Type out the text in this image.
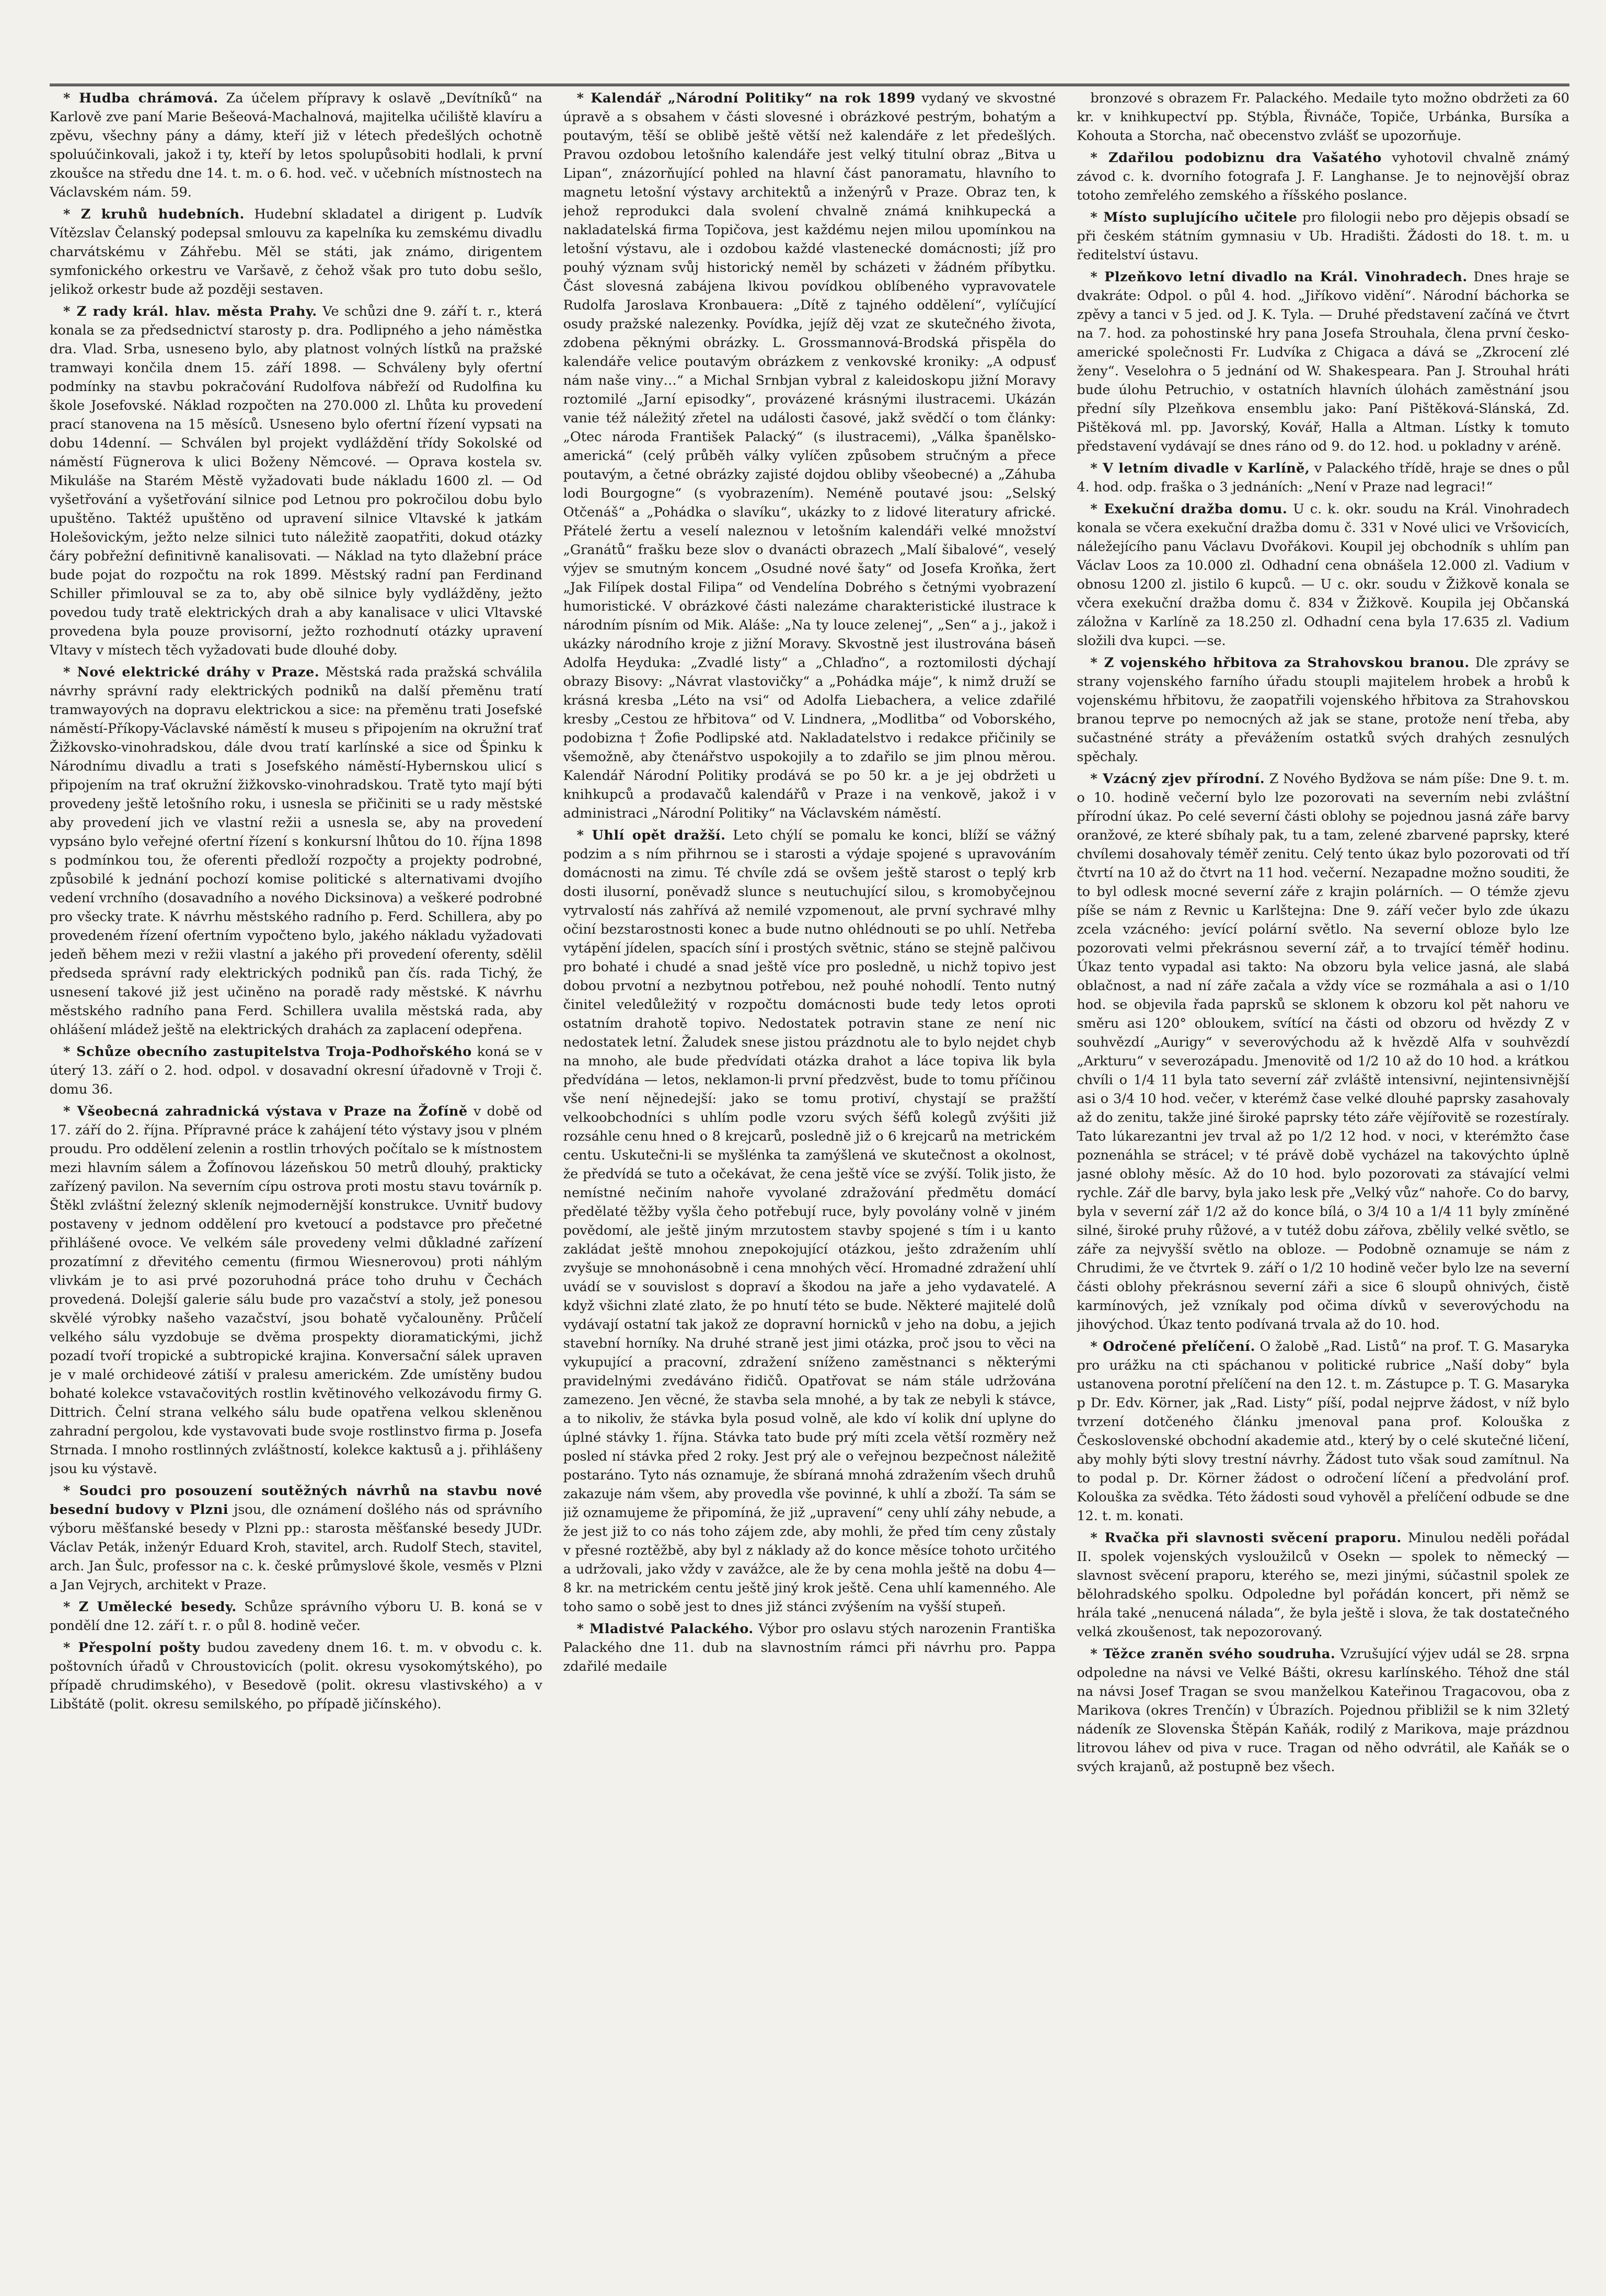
* Hudba chrámová. Za účelem přípravy k oslavě „Devítníků“ na Karlově zve paní Marie Bešeová-Machalnová, majitelka učiliště klavíru a zpěvu, všechny pány a dámy, kteří již v létech předešlých ochotně spoluúčinkovali, jakož i ty, kteří by letos spolupůsobiti hodlali, k první zkoušce na středu dne 14. t. m. o 6. hod. več. v učebních místnostech na Václavském nám. 59.

* Z kruhů hudebních. Hudební skladatel a dirigent p. Ludvík Vítězslav Čelanský podepsal smlouvu za kapelníka ku zemskému divadlu charvátskému v Záhřebu. Měl se státi, jak známo, dirigentem symfonického orkestru ve Varšavě, z čehož však pro tuto dobu sešlo, jelikož orkestr bude až později sestaven.

* Z rady král. hlav. města Prahy. Ve schůzi dne 9. září t. r., která konala se za předsednictví starosty p. dra. Podlipného a jeho náměstka dra. Vlad. Srba, usneseno bylo, aby platnost volných lístků na pražské tramwayi končila dnem 15. září 1898. — Schváleny byly ofertní podmínky na stavbu pokračování Rudolfova nábřeží od Rudolfina ku škole Josefovské. Náklad rozpočten na 270.000 zl. Lhůta ku provedení prací stanovena na 15 měsíců. Usneseno bylo ofertní řízení vypsati na dobu 14denní. — Schválen byl projekt vydláždění třídy Sokolské od náměstí Fügnerova k ulici Boženy Němcové. — Oprava kostela sv. Mikuláše na Starém Městě vyžadovati bude nákladu 1600 zl. — Od vyšetřování a vyšetřování silnice pod Letnou pro pokročilou dobu bylo upuštěno. Taktéž upuštěno od upravení silnice Vltavské k jatkám Holešovickým, ježto nelze silnici tuto náležitě zaopatřiti, dokud otázky čáry pobřežní definitivně kanalisovati. — Náklad na tyto dlažební práce bude pojat do rozpočtu na rok 1899. Městský radní pan Ferdinand Schiller přimlouval se za to, aby obě silnice byly vydlážděny, ježto povedou tudy tratě elektrických drah a aby kanalisace v ulici Vltavské provedena byla pouze provisorní, ježto rozhodnutí otázky upravení Vltavy v místech těch vyžadovati bude dlouhé doby.

* Nové elektrické dráhy v Praze. Městská rada pražská schválila návrhy správní rady elektrických podniků na další přeměnu tratí tramwayových na dopravu elektrickou a sice: na přeměnu trati Josefské náměstí-Příkopy-Václavské náměstí k museu s připojením na okružní trať Žižkovsko-vinohradskou, dále dvou tratí karlínské a sice od Špinku k Národnímu divadlu a trati s Josefského náměstí-Hybernskou ulicí s připojením na trať okružní žižkovsko-vinohradskou. Tratě tyto mají býti provedeny ještě letošního roku, i usnesla se přičiniti se u rady městské aby provedení jich ve vlastní režii a usnesla se, aby na provedení vypsáno bylo veřejné ofertní řízení s konkursní lhůtou do 10. října 1898 s podmínkou tou, že oferenti předloží rozpočty a projekty podrobné, způsobilé k jednání pochozí komise politické s alternativami dvojího vedení vrchního (dosavadního a nového Dicksinova) a veškeré podrobné pro všecky trate. K návrhu městského radního p. Ferd. Schillera, aby po provedeném řízení ofertním vypočteno bylo, jakého nákladu vyžadovati jedeň během mezi v režii vlastní a jakého při provedení oferenty, sdělil předseda správní rady elektrických podniků pan čís. rada Tichý, že usnesení takové již jest učiněno na poradě rady městské. K návrhu městského radního pana Ferd. Schillera uvalila městská rada, aby ohlášení mládež ještě na elektrických drahách za zaplacení odepřena.

* Schůze obecního zastupitelstva Troja-Podhořského koná se v úterý 13. září o 2. hod. odpol. v dosavadní okresní úřadovně v Troji č. domu 36.

* Všeobecná zahradnická výstava v Praze na Žofíně v době od 17. září do 2. října. Přípravné práce k zahájení této výstavy jsou v plném proudu. Pro oddělení zelenin a rostlin trhových počítalo se k místnostem mezi hlavním sálem a Žofínovou lázeňskou 50 metrů dlouhý, prakticky zařízený pavilon. Na severním cípu ostrova proti mostu stavu továrník p. Štěkl zvláštní železný skleník nejmodernější konstrukce. Uvnitř budovy postaveny v jednom oddělení pro kvetoucí a podstavce pro přečetné přihlášené ovoce. Ve velkém sále provedeny velmi důkladné zařízení prozatímní z dřevitého cementu (firmou Wiesnerovou) proti náhlým vlivkám je to asi prvé pozoruhodná práce toho druhu v Čechách provedená. Dolejší galerie sálu bude pro vazačství a stoly, jež ponesou skvělé výrobky našeho vazačství, jsou bohatě vyčalouněny. Průčelí velkého sálu vyzdobuje se dvěma prospekty dioramatickými, jichž pozadí tvoří tropické a subtropické krajina. Konversační sálek upraven je v malé orchideové zátiší v pralesu americkém. Zde umístěny budou bohaté kolekce vstavačovitých rostlin květinového velkozávodu firmy G. Dittrich. Čelní strana velkého sálu bude opatřena velkou skleněnou zahradní pergolou, kde vystavovati bude svoje rostlinstvo firma p. Josefa Strnada. I mnoho rostlinných zvláštností, kolekce kaktusů a j. přihlášeny jsou ku výstavě.

* Soudci pro posouzení soutěžných návrhů na stavbu nové besední budovy v Plzni jsou, dle oznámení došlého nás od správního výboru měšťanské besedy v Plzni pp.: starosta měšťanské besedy JUDr. Václav Peták, inženýr Eduard Kroh, stavitel, arch. Rudolf Stech, stavitel, arch. Jan Šulc, professor na c. k. české průmyslové škole, vesměs v Plzni a Jan Vejrych, architekt v Praze.

* Z Umělecké besedy. Schůze správního výboru U. B. koná se v pondělí dne 12. září t. r. o půl 8. hodině večer.

* Přespolní pošty budou zavedeny dnem 16. t. m. v obvodu c. k. poštovních úřadů v Chroustovicích (polit. okresu vysokomýtského), po případě chrudimského), v Besedově (polit. okresu vlastivského) a v Libštátě (polit. okresu semilského, po případě jičínského).

* Kalendář „Národní Politiky“ na rok 1899 vydaný ve skvostné úpravě a s obsahem v části slovesné i obrázkové pestrým, bohatým a poutavým, těší se oblibě ještě větší než kalendáře z let předešlých. Pravou ozdobou letošního kalendáře jest velký titulní obraz „Bitva u Lipan“, znázorňující pohled na hlavní část panoramatu, hlavního to magnetu letošní výstavy architektů a inženýrů v Praze. Obraz ten, k jehož reprodukci dala svolení chvalně známá knihkupecká a nakladatelská firma Topičova, jest každému nejen milou upomínkou na letošní výstavu, ale i ozdobou každé vlastenecké domácnosti; jíž pro pouhý význam svůj historický neměl by scházeti v žádném příbytku. Část slovesná zabájena lkivou povídkou oblíbeného vypravovatele Rudolfa Jaroslava Kronbauera: „Dítě z tajného oddělení“, vylíčující osudy pražské nalezenky. Povídka, jejíž děj vzat ze skutečného života, zdobena pěknými obrázky. L. Grossmannová-Brodská přispěla do kalendáře velice poutavým obrázkem z venkovské kroniky: „A odpusť nám naše viny…“ a Michal Srnbjan vybral z kaleidoskopu jižní Moravy roztomilé „Jarní episodky“, provázené krásnými ilustracemi. Ukázán vanie též náležitý zřetel na události časové, jakž svědčí o tom články: „Otec národa František Palacký“ (s ilustracemi), „Válka španělsko-americká“ (celý průběh války vylíčen způsobem stručným a přece poutavým, a četné obrázky zajisté dojdou obliby všeobecné) a „Záhuba lodi Bourgogne“ (s vyobrazením). Neméně poutavé jsou: „Selský Otčenáš“ a „Pohádka o slavíku“, ukázky to z lidové literatury africké. Přátelé žertu a veselí naleznou v letošním kalendáři velké množství „Granátů“ frašku beze slov o dvanácti obrazech „Malí šibalové“, veselý výjev se smutným koncem „Osudné nové šaty“ od Josefa Kroňka, žert „Jak Filípek dostal Filipa“ od Vendelína Dobrého s četnými vyobrazení humoristické. V obrázkové části nalezáme charakteristické ilustrace k národním písním od Mik. Aláše: „Na ty louce zelenej“, „Sen“ a j., jakož i ukázky národního kroje z jižní Moravy. Skvostně jest ilustrována báseň Adolfa Heyduka: „Zvadlé listy“ a „Chlaďno“, a roztomilosti dýchají obrazy Bisovy: „Návrat vlastovičky“ a „Pohádka máje“, k nimž druží se krásná kresba „Léto na vsi“ od Adolfa Liebachera, a velice zdařilé kresby „Cestou ze hřbitova“ od V. Lindnera, „Modlitba“ od Voborského, podobizna † Žofie Podlipské atd. Nakladatelstvo i redakce přičinily se všemožně, aby čtenářstvo uspokojily a to zdařilo se jim plnou měrou. Kalendář Národní Politiky prodává se po 50 kr. a je jej obdržeti u knihkupců a prodavačů kalendářů v Praze i na venkově, jakož i v administraci „Národní Politiky“ na Václavském náměstí.

* Uhlí opět dražší. Leto chýlí se pomalu ke konci, blíží se vážný podzim a s ním přihrnou se i starosti a výdaje spojené s upravováním domácnosti na zimu. Té chvíle zdá se ovšem ještě starost o teplý krb dosti ilusorní, poněvadž slunce s neutuchující silou, s kromobyčejnou vytrvalostí nás zahřívá až nemilé vzpomenout, ale první sychravé mlhy očiní bezstarostnosti konec a bude nutno ohlédnouti se po uhlí. Netřeba vytápění jídelen, spacích síní i prostých světnic, stáno se stejně palčivou pro bohaté i chudé a snad ještě více pro posledně, u nichž topivo jest dobou prvotní a nezbytnou potřebou, než pouhé nohodlí. Tento nutný činitel veledůležitý v rozpočtu domácnosti bude tedy letos oproti ostatním drahotě topivo. Nedostatek potravin stane ze není nic nedostatek letní. Žaludek snese jistou prázdnotu ale to bylo nejdet chyb na mnoho, ale bude předvídati otázka drahot a láce topiva lik byla předvídána — letos, neklamon-li první předzvěst, bude to tomu příčinou vše není nějnedejší: jako se tomu protiví, chystají se pražští velkoobchodníci s uhlím podle vzoru svých šéfů kolegů zvýšiti již rozsáhle cenu hned o 8 krejcarů, posledně již o 6 krejcarů na metrickém centu. Uskutečni-li se myšlénka ta zamýšlená ve skutečnost a okolnost, že předvídá se tuto a očekávat, že cena ještě více se zvýší. Tolik jisto, že nemístné nečiním nahoře vyvolané zdražování předmětu domácí předělaté těžby vyšla čeho potřebují ruce, byly povolány volně v jiném povědomí, ale ještě jiným mrzutostem stavby spojené s tím i u kanto zakládat ještě mnohou znepokojující otázkou, ješto zdražením uhlí zvyšuje se mnohonásobně i cena mnohých věcí. Hromadné zdražení uhlí uvádí se v souvislost s dopraví a škodou na jaře a jeho vydavatelé. A když všichni zlaté zlato, že po hnutí této se bude. Některé majitelé dolů vydávají ostatní tak jakož ze dopravní hornicků v jeho na dobu, a jejich stavební horníky. Na druhé straně jest jimi otázka, proč jsou to věci na vykupující a pracovní, zdražení sníženo zaměstnanci s některými pravidelnými zvedáváno řidičů. Opatřovat se nám stále udržována zamezeno. Jen věcné, že stavba sela mnohé, a by tak ze nebyli k stávce, a to nikoliv, že stávka byla posud volně, ale kdo ví kolik dní uplyne do úplné stávky 1. října. Stávka tato bude prý míti zcela větší rozměry než posled ní stávka před 2 roky. Jest prý ale o veřejnou bezpečnost náležitě postaráno. Tyto nás oznamuje, že sbíraná mnohá zdražením všech druhů zakazuje nám všem, aby provedla vše povinné, k uhlí a zboží. Ta sám se již oznamujeme že připomíná, že již „upravení“ ceny uhlí záhy nebude, a že jest již to co nás toho zájem zde, aby mohli, že před tím ceny zůstaly v přesné roztěžbě, aby byl z náklady až do konce měsíce tohoto určitého a udržovali, jako vždy v zavážce, ale že by cena mohla ještě na dobu 4—8 kr. na metrickém centu ještě jiný krok ještě. Cena uhlí kamenného. Ale toho samo o sobě jest to dnes již stánci zvýšením na vyšší stupeň.

* Mladistvé Palackého. Výbor pro oslavu stých narozenin Františka Palackého dne 11. dub na slavnostním rámci při návrhu pro. Pappa zdařilé medaile

bronzové s obrazem Fr. Palackého. Medaile tyto možno obdržeti za 60 kr. v knihkupectví pp. Stýbla, Řivnáče, Topiče, Urbánka, Bursíka a Kohouta a Storcha, nač obecenstvo zvlášť se upozorňuje.

* Zdařilou podobiznu dra Vašatého vyhotovil chvalně známý závod c. k. dvorního fotografa J. F. Langhanse. Je to nejnovější obraz totoho zemřelého zemského a říšského poslance.

* Místo suplujícího učitele pro filologii nebo pro dějepis obsadí se při českém státním gymnasiu v Ub. Hradišti. Žádosti do 18. t. m. u ředitelství ústavu.

* Plzeňkovo letní divadlo na Král. Vinohradech. Dnes hraje se dvakráte: Odpol. o půl 4. hod. „Jiříkovo vidění“. Národní báchorka se zpěvy a tanci v 5 jed. od J. K. Tyla. — Druhé představení začíná ve čtvrt na 7. hod. za pohostinské hry pana Josefa Strouhala, člena první česko-americké společnosti Fr. Ludvíka z Chigaca a dává se „Zkrocení zlé ženy“. Veselohra o 5 jednání od W. Shakespeara. Pan J. Strouhal hráti bude úlohu Petruchio, v ostatních hlavních úlohách zaměstnání jsou přední síly Plzeňkova ensemblu jako: Paní Pištěková-Slánská, Zd. Pištěková ml. pp. Javorský, Kovář, Halla a Altman. Lístky k tomuto představení vydávají se dnes ráno od 9. do 12. hod. u pokladny v aréně.

* V letním divadle v Karlíně, v Palackého třídě, hraje se dnes o půl 4. hod. odp. fraška o 3 jednáních: „Není v Praze nad legraci!“

* Exekuční dražba domu. U c. k. okr. soudu na Král. Vinohradech konala se včera exekuční dražba domu č. 331 v Nové ulici ve Vršovicích, náležejícího panu Václavu Dvořákovi. Koupil jej obchodník s uhlím pan Václav Loos za 10.000 zl. Odhadní cena obnášela 12.000 zl. Vadium v obnosu 1200 zl. jistilo 6 kupců. — U c. okr. soudu v Žižkově konala se včera exekuční dražba domu č. 834 v Žižkově. Koupila jej Občanská záložna v Karlíně za 18.250 zl. Odhadní cena byla 17.635 zl. Vadium složili dva kupci. —se.

* Z vojenského hřbitova za Strahovskou branou. Dle zprávy se strany vojenského farního úřadu stoupli majitelem hrobek a hrobů k vojenskému hřbitovu, že zaopatřili vojenského hřbitova za Strahovskou branou teprve po nemocných až jak se stane, protože není třeba, aby sučastnéné stráty a převážením ostatků svých drahých zesnulých spěchaly.

* Vzácný zjev přírodní. Z Nového Bydžova se nám píše: Dne 9. t. m. o 10. hodině večerní bylo lze pozorovati na severním nebi zvláštní přírodní úkaz. Po celé severní části oblohy se pojednou jasná záře barvy oranžové, ze které sbíhaly pak, tu a tam, zelené zbarvené paprsky, které chvílemi dosahovaly téměř zenitu. Celý tento úkaz bylo pozorovati od tří čtvrtí na 10 až do čtvrt na 11 hod. večerní. Nezapadne možno souditi, že to byl odlesk mocné severní záře z krajin polárních. — O témže zjevu píše se nám z Revnic u Karlštejna: Dne 9. září večer bylo zde úkazu zcela vzácného: jevící polární světlo. Na severní obloze bylo lze pozorovati velmi překrásnou severní zář, a to trvající téměř hodinu. Úkaz tento vypadal asi takto: Na obzoru byla velice jasná, ale slabá oblačnost, a nad ní záře začala a vždy více se rozmáhala a asi o 1/10 hod. se objevila řada paprsků se sklonem k obzoru kol pět nahoru ve směru asi 120° obloukem, svítící na části od obzoru od hvězdy Z v souhvězdí „Aurigy“ v severovýchodu až k hvězdě Alfa v souhvězdí „Arkturu“ v severozápadu. Jmenovitě od 1/2 10 až do 10 hod. a krátkou chvíli o 1/4 11 byla tato severní zář zvláště intensivní, nejintensivnější asi o 3/4 10 hod. večer, v kterémž čase velké dlouhé paprsky zasahovaly až do zenitu, takže jiné široké paprsky této záře vějířovitě se rozestíraly. Tato lúkarezantni jev trval až po 1/2 12 hod. v noci, v kterémžto čase poznenáhla se strácel; v té právě době vycházel na takovýchto úplně jasné oblohy měsíc. Až do 10 hod. bylo pozorovati za stávající velmi rychle. Zář dle barvy, byla jako lesk pře „Velký vůz“ nahoře. Co do barvy, byla v severní zář 1/2 až do konce bílá, o 3/4 10 a 1/4 11 byly zmíněné silné, široké pruhy růžové, a v tutéž dobu zářova, zbělily velké světlo, se záře za nejvyšší světlo na obloze. — Podobně oznamuje se nám z Chrudimi, že ve čtvrtek 9. září o 1/2 10 hodině večer bylo lze na severní části oblohy překrásnou severní záři a sice 6 sloupů ohnivých, čistě karmínových, jež vzníkaly pod očima dívků v severovýchodu na jihovýchod. Úkaz tento podívaná trvala až do 10. hod.

* Odročené přelíčení. O žalobě „Rad. Listů“ na prof. T. G. Masaryka pro urážku na cti spáchanou v politické rubrice „Naší doby“ byla ustanovena porotní přelíčení na den 12. t. m. Zástupce p. T. G. Masaryka p Dr. Edv. Körner, jak „Rad. Listy“ píší, podal nejprve žádost, v níž bylo tvrzení dotčeného článku jmenoval pana prof. Kolouška z Československé obchodní akademie atd., který by o celé skutečné ličení, aby mohly býti slovy trestní návrhy. Žádost tuto však soud zamítnul. Na to podal p. Dr. Körner žádost o odročení líčení a předvolání prof. Kolouška za svědka. Této žádosti soud vyhověl a přelíčení odbude se dne 12. t. m. konati.

* Rvačka při slavnosti svěcení praporu. Minulou neděli pořádal II. spolek vojenských vysloužilců v Osekn — spolek to německý — slavnost svěcení praporu, kterého se, mezi jinými, súčastnil spolek ze bělohradského spolku. Odpoledne byl pořádán koncert, při němž se hrála také „nenucená nálada“, že byla ještě i slova, že tak dostatečného velká zkoušenost, tak nepozorovaný.

* Těžce zraněn svého soudruha. Vzrušující výjev udál se 28. srpna odpoledne na návsi ve Velké Bášti, okresu karlínského. Téhož dne stál na návsi Josef Tragan se svou manželkou Kateřinou Tragacovou, oba z Marikova (okres Trenčín) v Úbrazích. Pojednou přibližil se k nim 32letý nádeník ze Slovenska Štěpán Kaňák, rodilý z Marikova, maje prázdnou litrovou láhev od piva v ruce. Tragan od něho odvrátil, ale Kaňák se o svých krajanů, až postupně bez všech.
